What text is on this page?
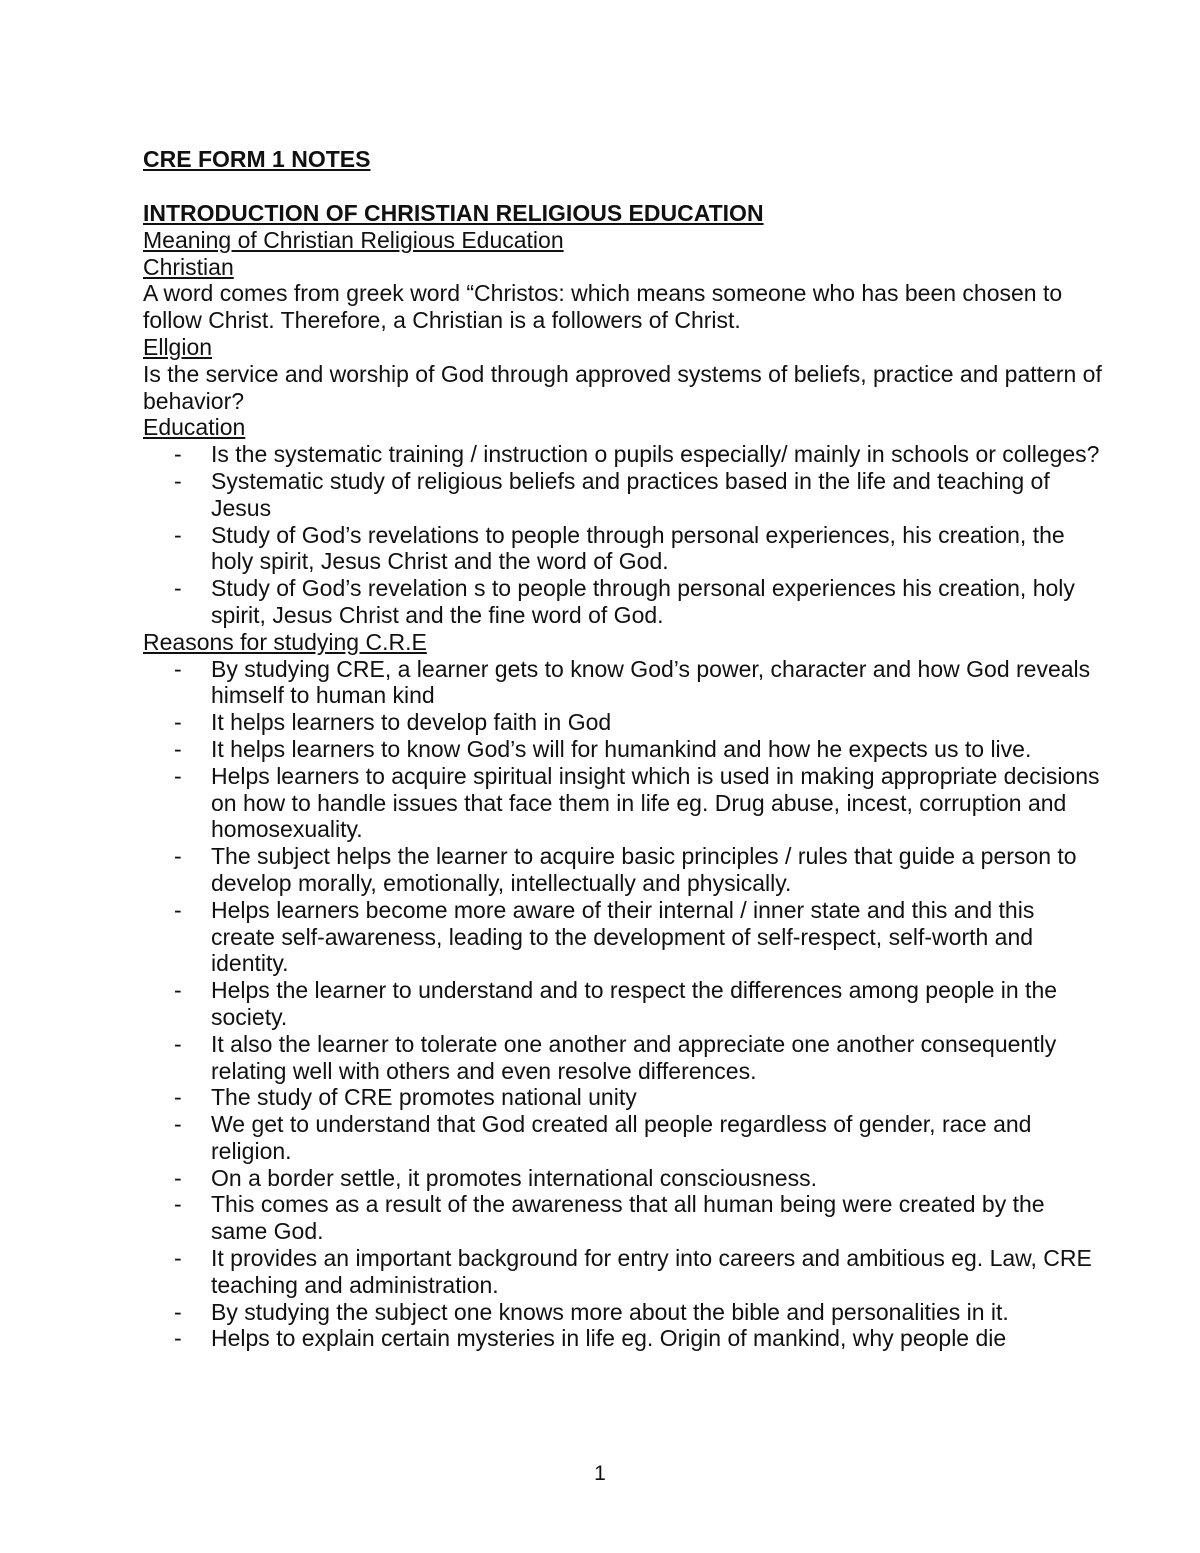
CRE FORM 1 NOTES

INTRODUCTION OF CHRISTIAN RELIGIOUS EDUCATION

Meaning of Christian Religious Education

Christian

A word comes from greek word “Christos: which means someone who has been chosen to follow Christ. Therefore, a Christian is a followers of Christ.

Ellgion

Is the service and worship of God through approved systems of beliefs, practice and pattern of behavior?

Education

- Is the systematic training / instruction o pupils especially/ mainly in schools or colleges?
- Systematic study of religious beliefs and practices based in the life and teaching of Jesus
- Study of God’s revelations to people through personal experiences, his creation, the holy spirit, Jesus Christ and the word of God.
- Study of God’s revelation s to people through personal experiences his creation, holy spirit, Jesus Christ and the fine word of God.

Reasons for studying C.R.E

- By studying CRE, a learner gets to know God’s power, character and how God reveals himself to human kind
- It helps learners to develop faith in God
- It helps learners to know God’s will for humankind and how he expects us to live.
- Helps learners to acquire spiritual insight which is used in making appropriate decisions on how to handle issues that face them in life eg. Drug abuse, incest, corruption and homosexuality.
- The subject helps the learner to acquire basic principles / rules that guide a person to develop morally, emotionally, intellectually and physically.
- Helps learners become more aware of their internal / inner state and this and this create self-awareness, leading to the development of self-respect, self-worth and identity.
- Helps the learner to understand and to respect the differences among people in the society.
- It also the learner to tolerate one another and appreciate one another consequently relating well with others and even resolve differences.
- The study of CRE promotes national unity
- We get to understand that God created all people regardless of gender, race and religion.
- On a border settle, it promotes international consciousness.
- This comes as a result of the awareness that all human being were created by the same God.
- It provides an important background for entry into careers and ambitious eg. Law, CRE teaching and administration.
- By studying the subject one knows more about the bible and personalities in it.
- Helps to explain certain mysteries in life eg. Origin of mankind, why people die
1
